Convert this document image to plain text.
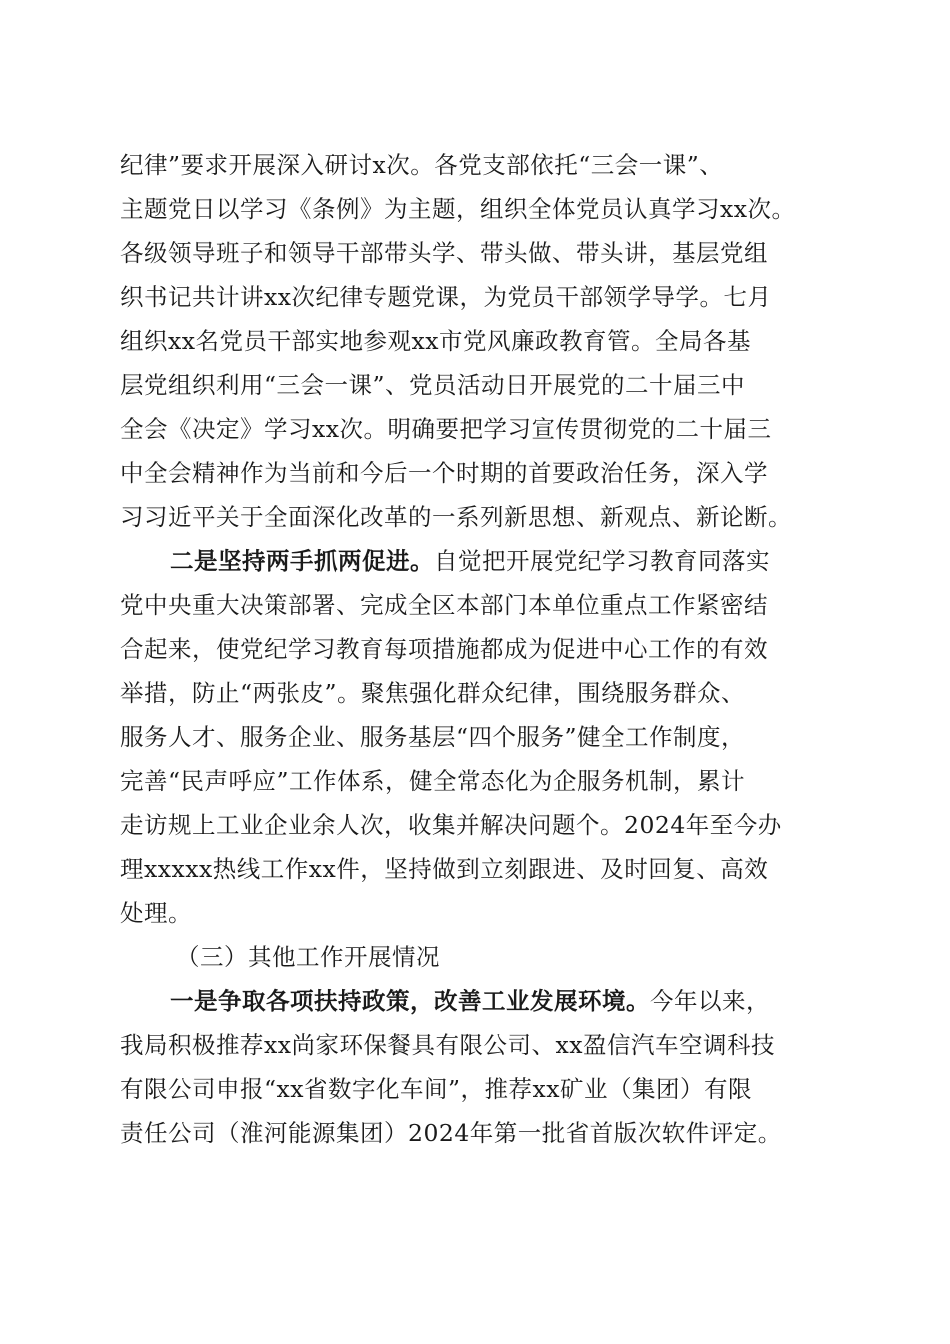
纪律”要求开展深入研讨x次。各党支部依托“三会一课”、
主题党日以学习《条例》为主题，组织全体党员认真学习xx次。
各级领导班子和领导干部带头学、带头做、带头讲，基层党组
织书记共计讲xx次纪律专题党课，为党员干部领学导学。七月
组织xx名党员干部实地参观xx市党风廉政教育管。全局各基
层党组织利用“三会一课”、党员活动日开展党的二十届三中
全会《决定》学习xx次。明确要把学习宣传贯彻党的二十届三
中全会精神作为当前和今后一个时期的首要政治任务，深入学
习习近平关于全面深化改革的一系列新思想、新观点、新论断。
二是坚持两手抓两促进。自觉把开展党纪学习教育同落实
党中央重大决策部署、完成全区本部门本单位重点工作紧密结
合起来，使党纪学习教育每项措施都成为促进中心工作的有效
举措，防止“两张皮”。聚焦强化群众纪律，围绕服务群众、
服务人才、服务企业、服务基层“四个服务”健全工作制度，
完善“民声呼应”工作体系，健全常态化为企服务机制，累计
走访规上工业企业余人次，收集并解决问题个。2024年至今办
理xxxxx热线工作xx件，坚持做到立刻跟进、及时回复、高效
处理。
（三）其他工作开展情况
一是争取各项扶持政策，改善工业发展环境。今年以来，
我局积极推荐xx尚家环保餐具有限公司、xx盈信汽车空调科技
有限公司申报“xx省数字化车间”，推荐xx矿业（集团）有限
责任公司（淮河能源集团）2024年第一批省首版次软件评定。
